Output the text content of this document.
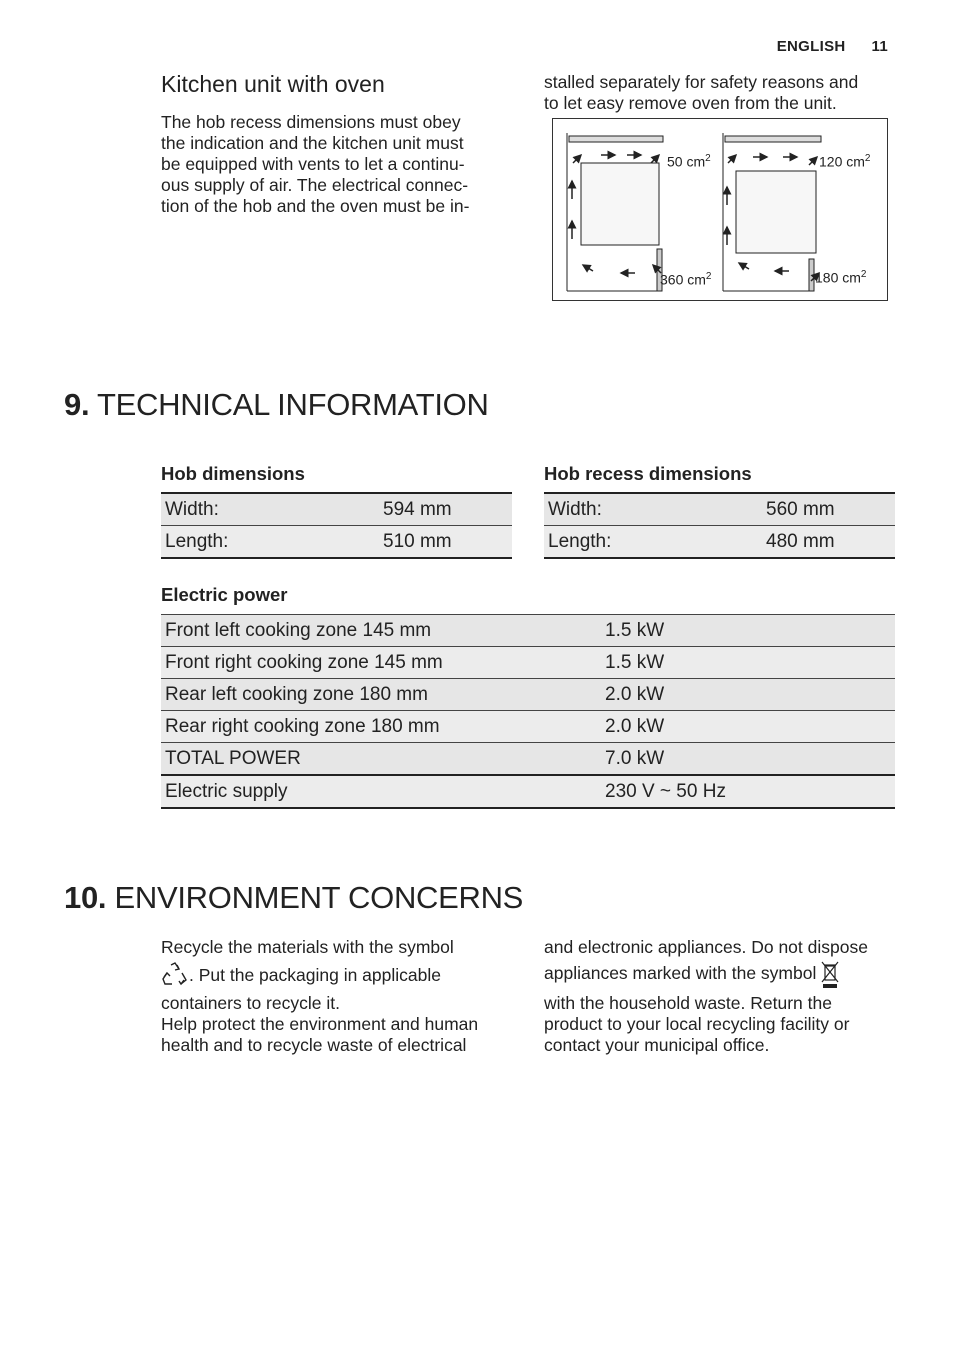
ENGLISH 11
Kitchen unit with oven
The hob recess dimensions must obey
the indication and the kitchen unit must
be equipped with vents to let a continu-
ous supply of air. The electrical connec-
tion of the hob and the oven must be in-
stalled separately for safety reasons and
to let easy remove oven from the unit.
50 $cm^2$	120 $cm^2$
360 $cm^2$	180 $cm^2$
9. TECHNICAL INFORMATION
Hob dimensions
Width:	594 mm
Length:	510 mm
Hob recess dimensions
Width:	560 mm
Length:	480 mm
Electric power
Front left cooking zone 145 mm	1.5 kW
Front right cooking zone 145 mm	1.5 kW
Rear left cooking zone 180 mm	2.0 kW
Rear right cooking zone 180 mm	2.0 kW
TOTAL POWER	7.0 kW
Electric supply	230 V ~ 50 Hz
10. ENVIRONMENT CONCERNS
Recycle the materials with the symbol
. Put the packaging in applicable
containers to recycle it.
Help protect the environment and human
health and to recycle waste of electrical
and electronic appliances. Do not dispose
appliances marked with the symbol
with the household waste. Return the
product to your local recycling facility or
contact your municipal office.
